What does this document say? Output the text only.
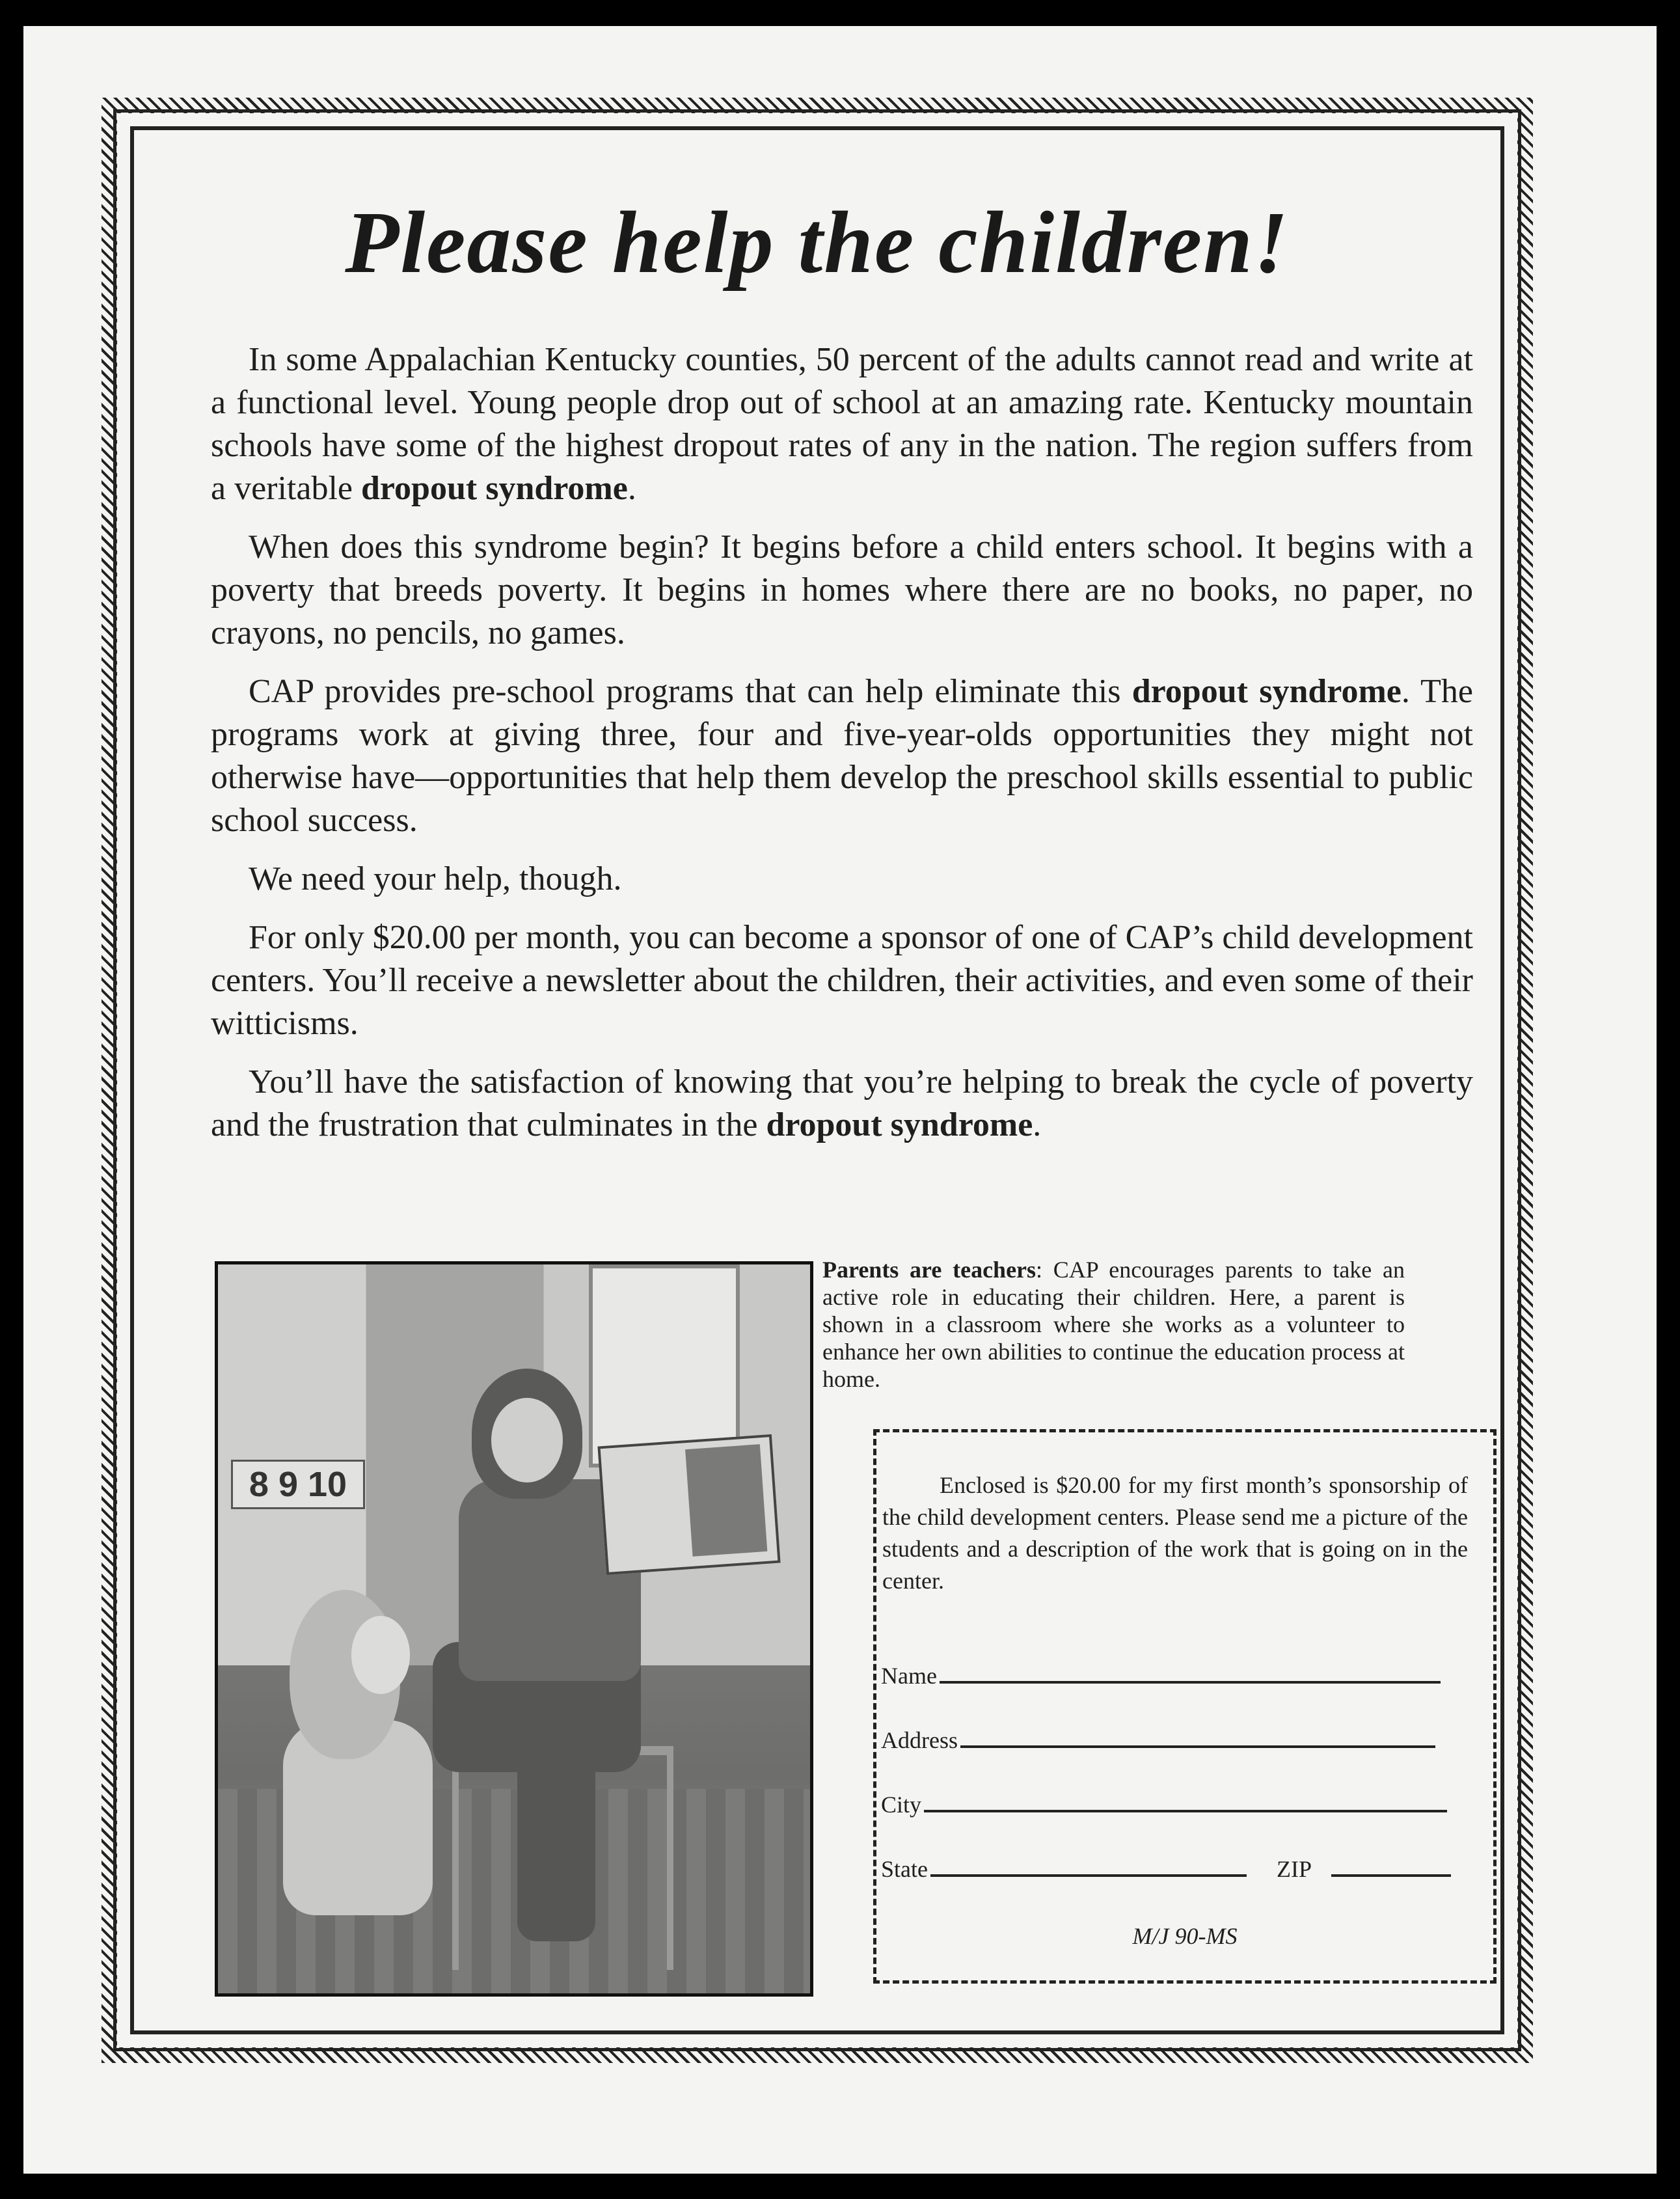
Please help the children!

In some Appalachian Kentucky counties, 50 percent of the adults cannot read and write at a functional level. Young people drop out of school at an amazing rate. Kentucky mountain schools have some of the highest dropout rates of any in the nation. The region suffers from a veritable dropout syndrome.

When does this syndrome begin? It begins before a child enters school. It begins with a poverty that breeds poverty. It begins in homes where there are no books, no paper, no crayons, no pencils, no games.

CAP provides pre-school programs that can help eliminate this dropout syndrome. The programs work at giving three, four and five-year-olds opportunities they might not otherwise have—opportunities that help them develop the preschool skills essential to public school success.

We need your help, though.

For only $20.00 per month, you can become a sponsor of one of CAP’s child development centers. You’ll receive a newsletter about the children, their activities, and even some of their witticisms.

You’ll have the satisfaction of knowing that you’re helping to break the cycle of poverty and the frustration that culminates in the dropout syndrome.

8 9 10
Parents are teachers: CAP encourages parents to take an active role in educating their children. Here, a parent is shown in a classroom where she works as a volunteer to enhance her own abilities to continue the education process at home.
Enclosed is $20.00 for my first month’s sponsorship of the child development centers. Please send me a picture of the students and a description of the work that is going on in the center.
Name
Address
City
State	ZIP
M/J 90-MS
